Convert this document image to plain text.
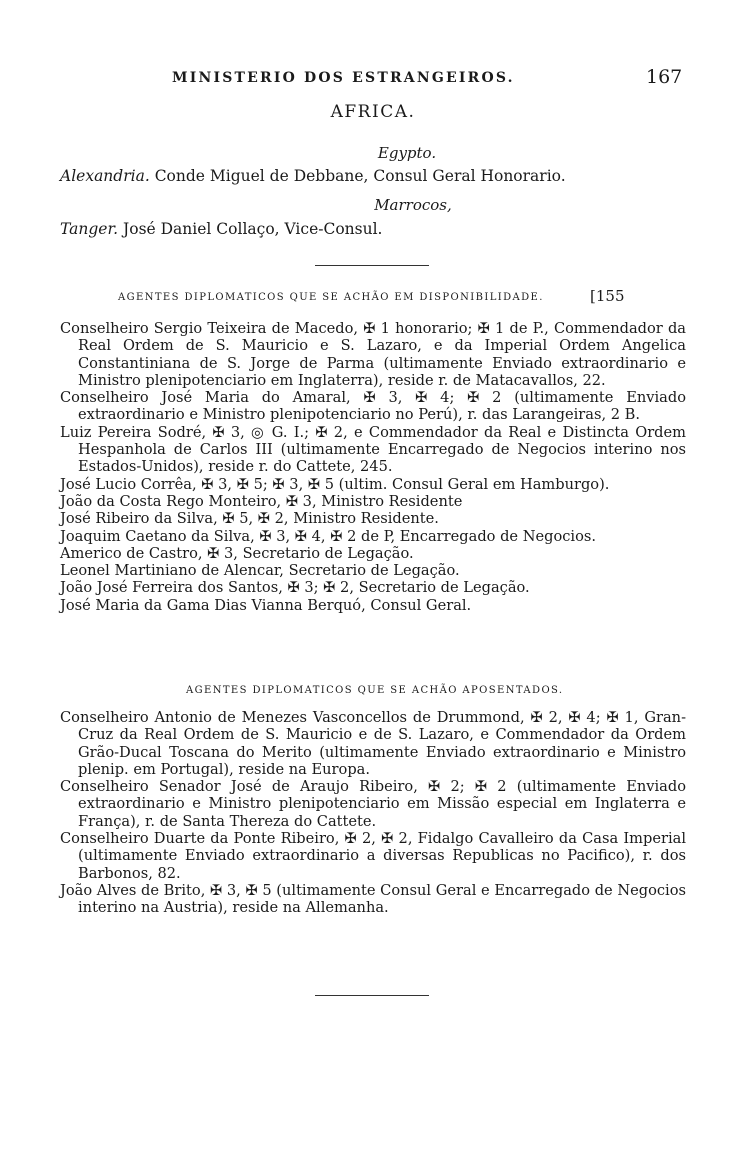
MINISTERIO DOS ESTRANGEIROS.	167
AFRICA.
Egypto.
Alexandria. Conde Miguel de Debbane, Consul Geral Honorario.
Marrocos,
Tanger. José Daniel Collaço, Vice-Consul.
AGENTES DIPLOMATICOS QUE SE ACHÃO EM DISPONIBILIDADE.	[155
Conselheiro Sergio Teixeira de Macedo, ✠ 1 honorario; ✠ 1 de P., Commendador da Real Ordem de S. Mauricio e S. Lazaro, e da Imperial Ordem Angelica Constantiniana de S. Jorge de Parma (ultimamente Enviado extraordinario e Ministro plenipotenciario em Inglaterra), reside r. de Matacavallos, 22.
Conselheiro José Maria do Amaral, ✠ 3, ✠ 4; ✠ 2 (ultimamente Enviado extraordinario e Ministro plenipotenciario no Perú), r. das Larangeiras, 2 B.
Luiz Pereira Sodré, ✠ 3, ◎ G. I.; ✠ 2, e Commendador da Real e Distincta Ordem Hespanhola de Carlos III (ultimamente Encarregado de Negocios interino nos Estados-Unidos), reside r. do Cattete, 245.
José Lucio Corrêa, ✠ 3, ✠ 5; ✠ 3, ✠ 5 (ultim. Consul Geral em Hamburgo).
João da Costa Rego Monteiro, ✠ 3, Ministro Residente
José Ribeiro da Silva, ✠ 5, ✠ 2, Ministro Residente.
Joaquim Caetano da Silva, ✠ 3, ✠ 4, ✠ 2 de P, Encarregado de Negocios.
Americo de Castro, ✠ 3, Secretario de Legação.
Leonel Martiniano de Alencar, Secretario de Legação.
João José Ferreira dos Santos, ✠ 3; ✠ 2, Secretario de Legação.
José Maria da Gama Dias Vianna Berquó, Consul Geral.
AGENTES DIPLOMATICOS QUE SE ACHÃO APOSENTADOS.
Conselheiro Antonio de Menezes Vasconcellos de Drummond, ✠ 2, ✠ 4; ✠ 1, Gran-Cruz da Real Ordem de S. Mauricio e de S. Lazaro, e Commendador da Ordem Grão-Ducal Toscana do Merito (ultimamente Enviado extraordinario e Ministro plenip. em Portugal), reside na Europa.
Conselheiro Senador José de Araujo Ribeiro, ✠ 2; ✠ 2 (ultimamente Enviado extraordinario e Ministro plenipotenciario em Missão especial em Inglaterra e França), r. de Santa Thereza do Cattete.
Conselheiro Duarte da Ponte Ribeiro, ✠ 2, ✠ 2, Fidalgo Cavalleiro da Casa Imperial (ultimamente Enviado extraordinario a diversas Republicas no Pacifico), r. dos Barbonos, 82.
João Alves de Brito, ✠ 3, ✠ 5 (ultimamente Consul Geral e Encarregado de Negocios interino na Austria), reside na Allemanha.
